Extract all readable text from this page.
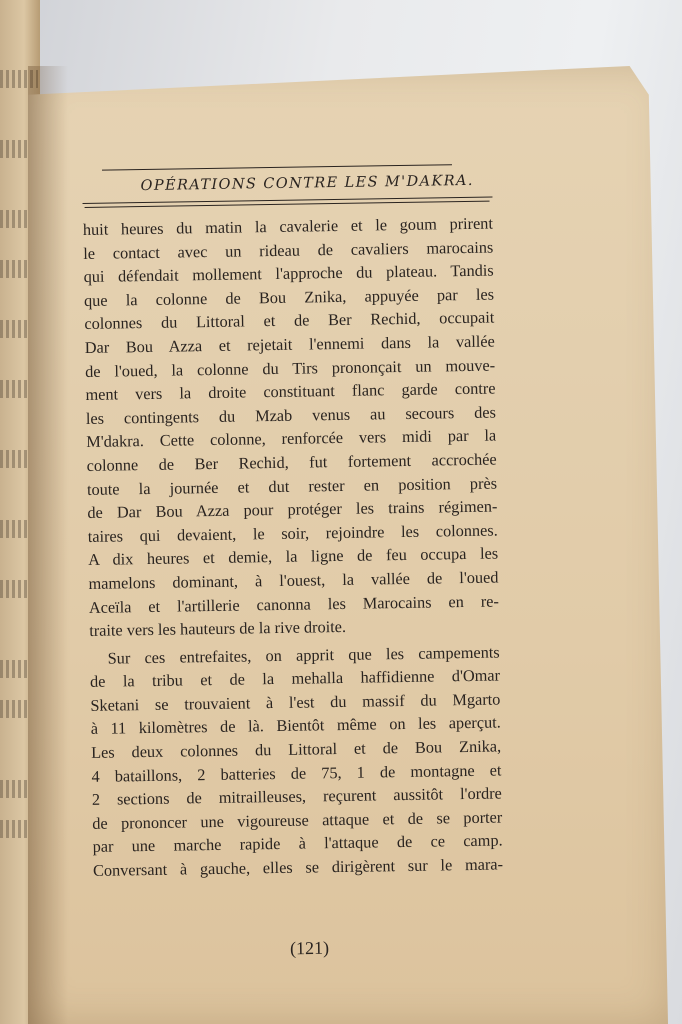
OPÉRATIONS CONTRE LES M'DAKRA.
huit heures du matin la cavalerie et le goum prirent
le contact avec un rideau de cavaliers marocains
qui défendait mollement l'approche du plateau. Tandis
que la colonne de Bou Znika, appuyée par les
colonnes du Littoral et de Ber Rechid, occupait
Dar Bou Azza et rejetait l'ennemi dans la vallée
de l'oued, la colonne du Tirs prononçait un mouve-
ment vers la droite constituant flanc garde contre
les contingents du Mzab venus au secours des
M'dakra. Cette colonne, renforcée vers midi par la
colonne de Ber Rechid, fut fortement accrochée
toute la journée et dut rester en position près
de Dar Bou Azza pour protéger les trains régimen-
taires qui devaient, le soir, rejoindre les colonnes.
A dix heures et demie, la ligne de feu occupa les
mamelons dominant, à l'ouest, la vallée de l'oued
Aceïla et l'artillerie canonna les Marocains en re-
traite vers les hauteurs de la rive droite.
Sur ces entrefaites, on apprit que les campements
de la tribu et de la mehalla haffidienne d'Omar
Sketani se trouvaient à l'est du massif du Mgarto
à 11 kilomètres de là. Bientôt même on les aperçut.
Les deux colonnes du Littoral et de Bou Znika,
4 bataillons, 2 batteries de 75, 1 de montagne et
2 sections de mitrailleuses, reçurent aussitôt l'ordre
de prononcer une vigoureuse attaque et de se porter
par une marche rapide à l'attaque de ce camp.
Conversant à gauche, elles se dirigèrent sur le mara-
(121)
